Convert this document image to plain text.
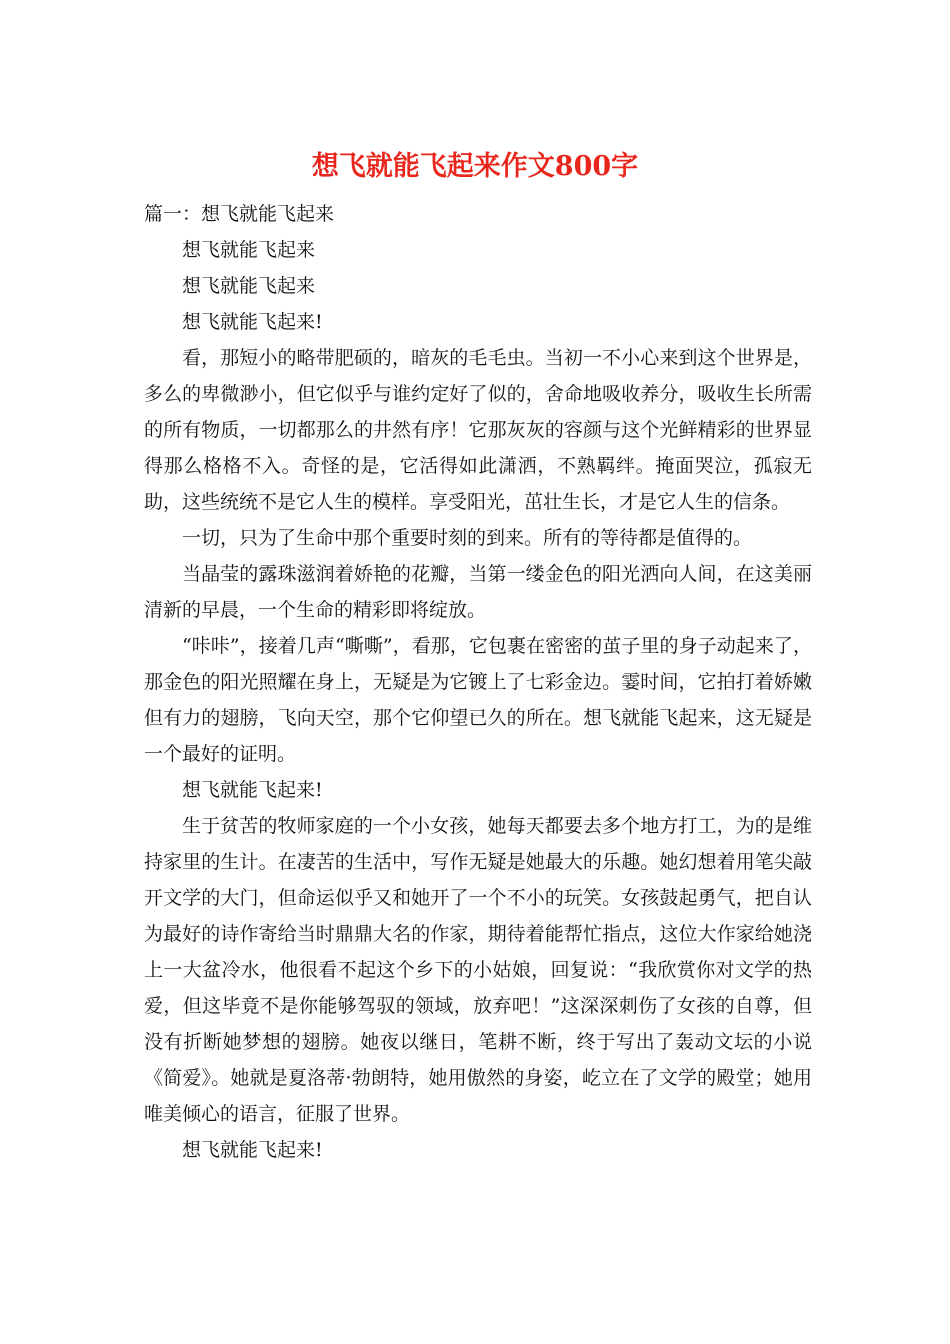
想飞就能飞起来作文800字

篇一：想飞就能飞起来

想飞就能飞起来

想飞就能飞起来

想飞就能飞起来!

看，那短小的略带肥硕的，暗灰的毛毛虫。当初一不小心来到这个世界是，多么的卑微渺小，但它似乎与谁约定好了似的，舍命地吸收养分，吸收生长所需的所有物质，一切都那么的井然有序！它那灰灰的容颜与这个光鲜精彩的世界显得那么格格不入。奇怪的是，它活得如此潇洒，不熟羁绊。掩面哭泣，孤寂无助，这些统统不是它人生的模样。享受阳光，茁壮生长，才是它人生的信条。

一切，只为了生命中那个重要时刻的到来。所有的等待都是值得的。

当晶莹的露珠滋润着娇艳的花瓣，当第一缕金色的阳光洒向人间，在这美丽清新的早晨，一个生命的精彩即将绽放。

“咔咔”，接着几声“嘶嘶”，看那，它包裹在密密的茧子里的身子动起来了，那金色的阳光照耀在身上，无疑是为它镀上了七彩金边。霎时间，它拍打着娇嫩但有力的翅膀，飞向天空，那个它仰望已久的所在。想飞就能飞起来，这无疑是一个最好的证明。

想飞就能飞起来!

生于贫苦的牧师家庭的一个小女孩，她每天都要去多个地方打工，为的是维持家里的生计。在凄苦的生活中，写作无疑是她最大的乐趣。她幻想着用笔尖敲开文学的大门，但命运似乎又和她开了一个不小的玩笑。女孩鼓起勇气，把自认为最好的诗作寄给当时鼎鼎大名的作家，期待着能帮忙指点，这位大作家给她浇上一大盆冷水，他很看不起这个乡下的小姑娘，回复说：“我欣赏你对文学的热爱，但这毕竟不是你能够驾驭的领域，放弃吧！”这深深刺伤了女孩的自尊，但没有折断她梦想的翅膀。她夜以继日，笔耕不断，终于写出了轰动文坛的小说《简爱》。她就是夏洛蒂·勃朗特，她用傲然的身姿，屹立在了文学的殿堂；她用唯美倾心的语言，征服了世界。

想飞就能飞起来!
